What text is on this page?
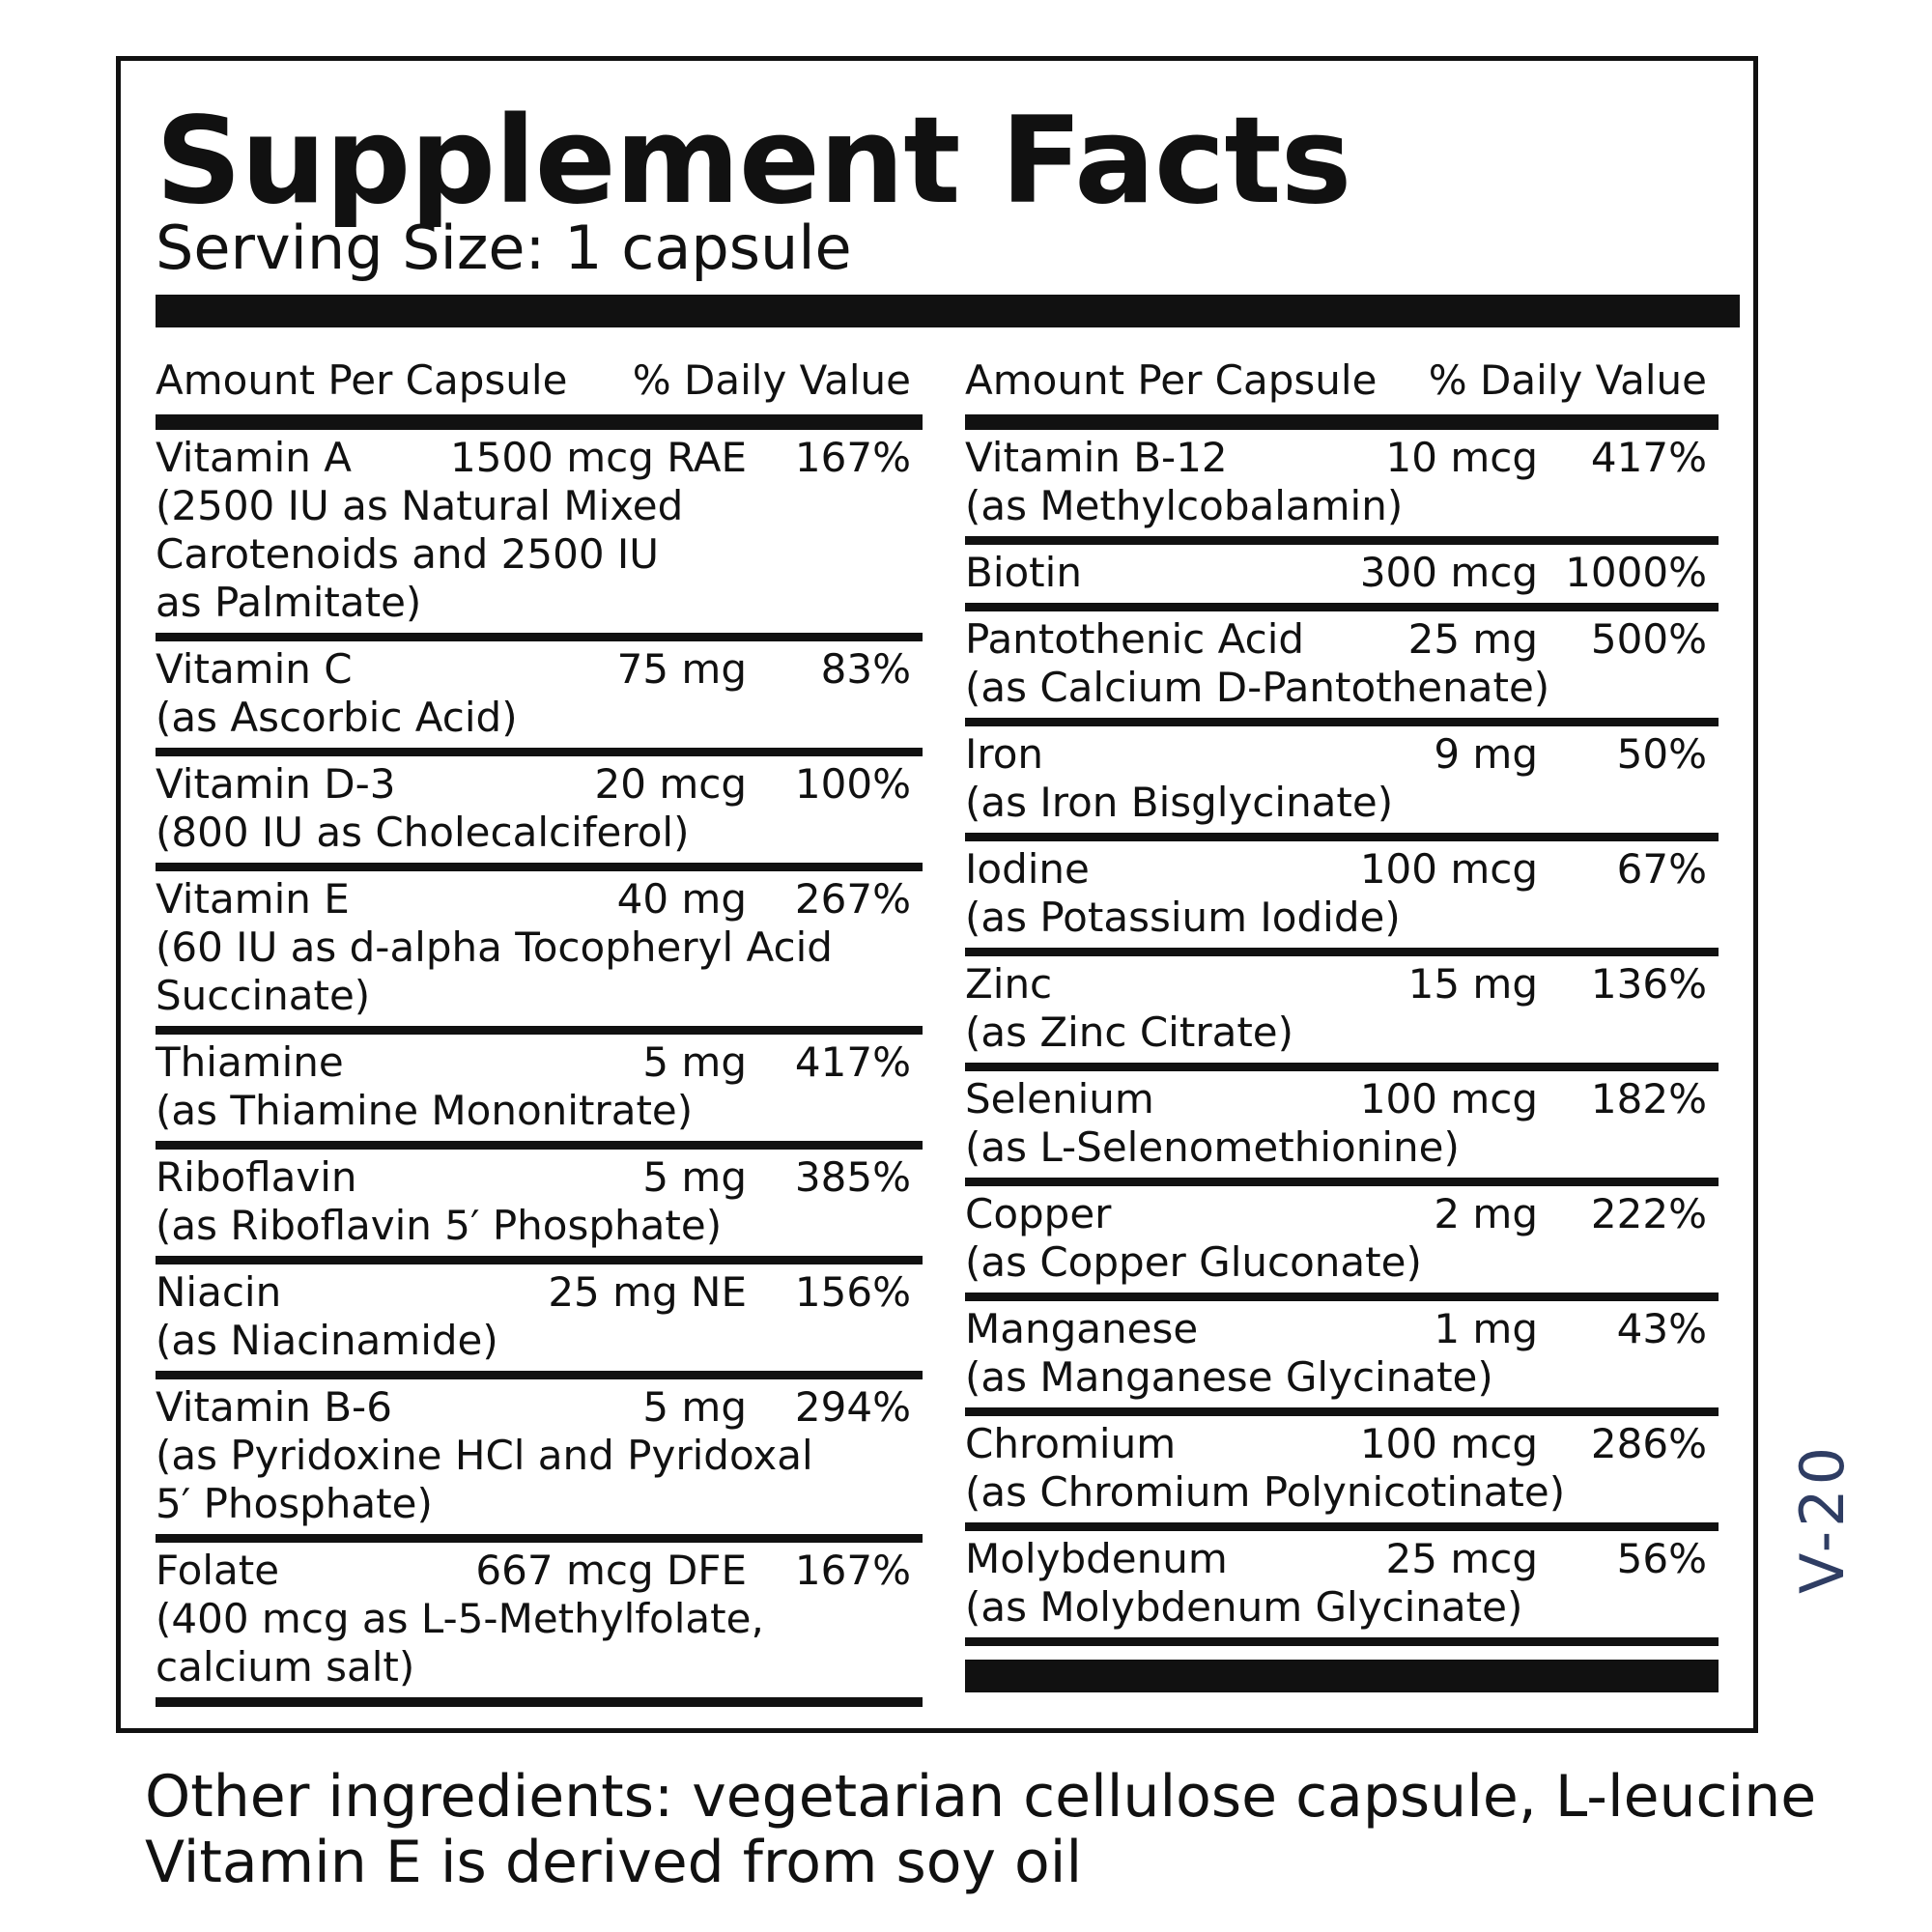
Supplement Facts
Serving Size: 1 capsule
Amount Per Capsule % Daily Value
Vitamin A	1500 mcg RAE	167%
(2500 IU as Natural Mixed
Carotenoids and 2500 IU
as Palmitate)
Vitamin C	75 mg	83%
(as Ascorbic Acid)
Vitamin D-3	20 mcg	100%
(800 IU as Cholecalciferol)
Vitamin E	40 mg	267%
(60 IU as d-alpha Tocopheryl Acid
Succinate)
Thiamine	5 mg	417%
(as Thiamine Mononitrate)
Riboflavin	5 mg	385%
(as Riboflavin 5′ Phosphate)
Niacin	25 mg NE	156%
(as Niacinamide)
Vitamin B-6	5 mg	294%
(as Pyridoxine HCl and Pyridoxal
5′ Phosphate)
Folate	667 mcg DFE	167%
(400 mcg as L-5-Methylfolate,
calcium salt)
Amount Per Capsule % Daily Value
Vitamin B-12	10 mcg	417%
(as Methylcobalamin)
Biotin	300 mcg 1000%
Pantothenic Acid	25 mg	500%
(as Calcium D-Pantothenate)
Iron	9 mg	50%
(as Iron Bisglycinate)
Iodine	100 mcg	67%
(as Potassium Iodide)
Zinc	15 mg	136%
(as Zinc Citrate)
Selenium	100 mcg	182%
(as L-Selenomethionine)
Copper	2 mg	222%
(as Copper Gluconate)
Manganese	1 mg	43%
(as Manganese Glycinate)
Chromium	100 mcg	286%
(as Chromium Polynicotinate)
Molybdenum	25 mcg	56%
(as Molybdenum Glycinate)
V-20
Other ingredients: vegetarian cellulose capsule, L-leucine
Vitamin E is derived from soy oil
